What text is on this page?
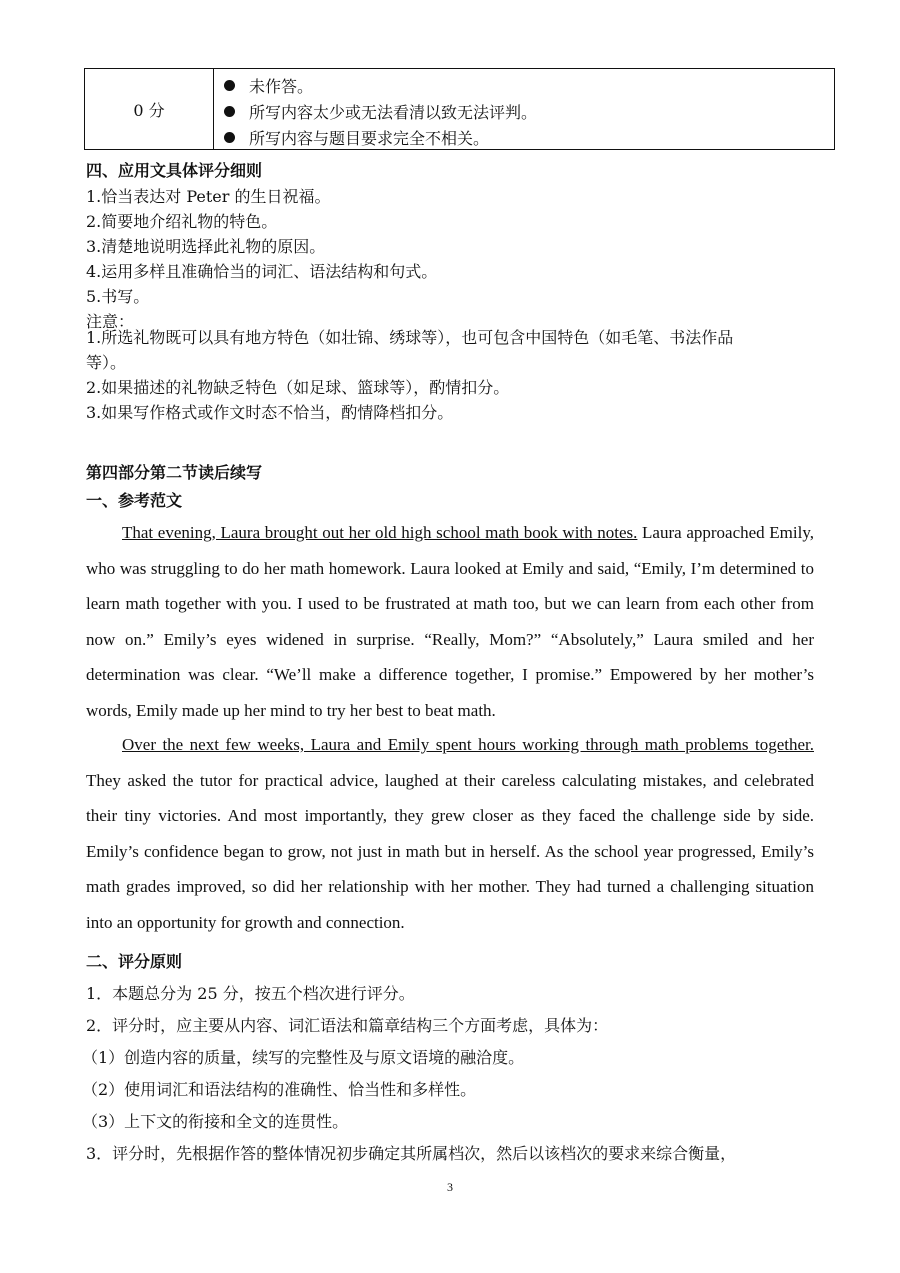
0 分
未作答。
所写内容太少或无法看清以致无法评判。
所写内容与题目要求完全不相关。
四、应用文具体评分细则
1.恰当表达对 Peter 的生日祝福。
2.简要地介绍礼物的特色。
3.清楚地说明选择此礼物的原因。
4.运用多样且准确恰当的词汇、语法结构和句式。
5.书写。
注意：
1.所选礼物既可以具有地方特色（如壮锦、绣球等），也可包含中国特色（如毛笔、书法作品
等）。
2.如果描述的礼物缺乏特色（如足球、篮球等），酌情扣分。
3.如果写作格式或作文时态不恰当，酌情降档扣分。
第四部分第二节读后续写
一、参考范文
That evening, Laura brought out her old high school math book with notes. Laura approached Emily, who was struggling to do her math homework. Laura looked at Emily and said, “Emily, I’m determined to learn math together with you. I used to be frustrated at math too, but we can learn from each other from now on.” Emily’s eyes widened in surprise. “Really, Mom?” “Absolutely,” Laura smiled and her determination was clear. “We’ll make a difference together, I promise.” Empowered by her mother’s words, Emily made up her mind to try her best to beat math.
Over the next few weeks, Laura and Emily spent hours working through math problems together. They asked the tutor for practical advice, laughed at their careless calculating mistakes, and celebrated their tiny victories. And most importantly, they grew closer as they faced the challenge side by side. Emily’s confidence began to grow, not just in math but in herself. As the school year progressed, Emily’s math grades improved, so did her relationship with her mother. They had turned a challenging situation into an opportunity for growth and connection.
二、评分原则
1．本题总分为 25 分，按五个档次进行评分。
2．评分时，应主要从内容、词汇语法和篇章结构三个方面考虑，具体为：
（1）创造内容的质量，续写的完整性及与原文语境的融洽度。
（2）使用词汇和语法结构的准确性、恰当性和多样性。
（3）上下文的衔接和全文的连贯性。
3．评分时，先根据作答的整体情况初步确定其所属档次，然后以该档次的要求来综合衡量，
3
